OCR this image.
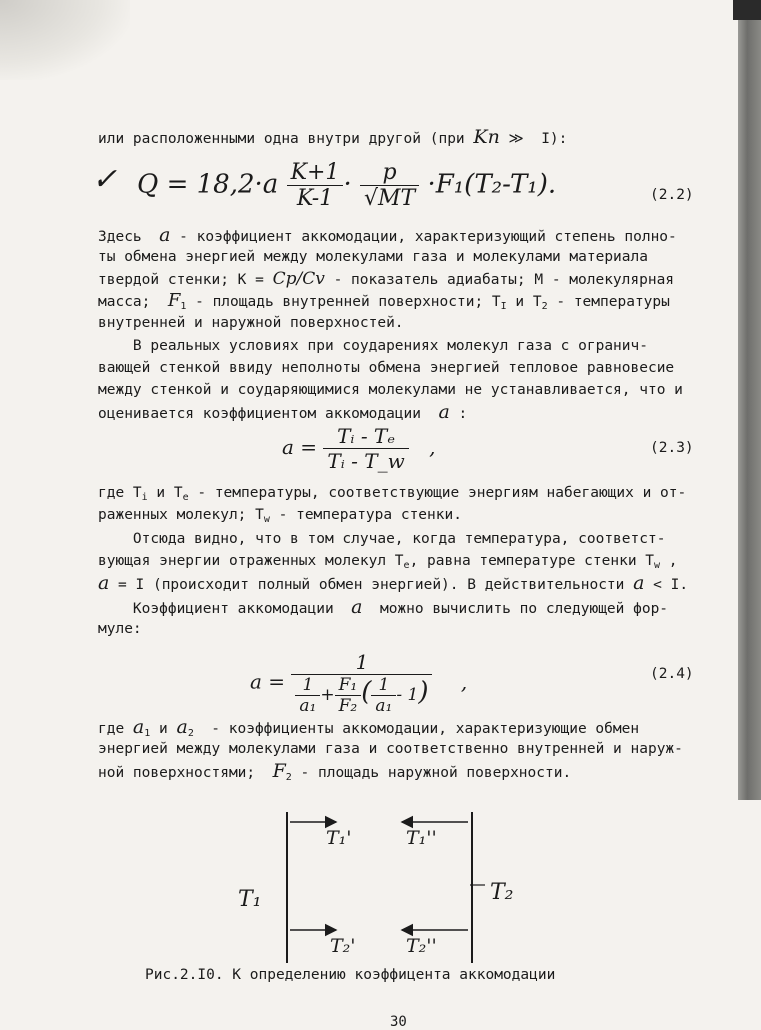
или расположенными одна внутри другой (при Kn ≫  I):
✓ $Q = 18,2\cdot a \frac{K+1}{K-1} \cdot \frac{p}{√MT} \cdot F_1(T_2-T_1)$.	(2.2)
Здесь  a - коэффициент аккомодации, характеризующий степень полно-
ты обмена энергией между молекулами газа и молекулами материала
твердой стенки; К = Cp/Cv - показатель адиабаты; М - молекулярная
масса;  $F_1$ - площадь внутренней поверхности; $Т_I$ и $Т_2$ - температуры
внутренней и наружной поверхностей.
В реальных условиях при соударениях молекул газа с огранич-
вающей стенкой ввиду неполноты обмена энергией тепловое равновесие
между стенкой и соударяющимися молекулами не устанавливается, что и
оценивается коэффициентом аккомодации  a :
$a = \frac{\text{Tᵢ - Tₑ}}{\text{Tᵢ - T\_w}}$ ,	(2.3)
где $Т_i$ и $Т_e$ - температуры, соответствующие энергиям набегающих и от-
раженных молекул; $Т_w$ - температура стенки.
Отсюда видно, что в том случае, когда температура, соответст-
вующая энергии отраженных молекул $Т_e$, равна температуре стенки $Т_w$ ,
a = I (происходит полный обмен энергией). В действительности a < I.
Коэффициент аккомодации  a  можно вычислить по следующей фор-
муле:
$a = \frac{1}{\frac{1}{\text{a₁}} + \frac{\text{F₁}}{\text{F₂}} ( \frac{1}{\text{a₁}} - 1)}$ ,	(2.4)
где $a_1$ и $a_2$  - коэффициенты аккомодации, характеризующие обмен
энергией между молекулами газа и соответственно внутренней и наруж-
ной поверхностями;  $F_2$ - площадь наружной поверхности.
T₁'	T₁''
T₁	T₂
T₂'	T₂''
Рис.2.I0. К определению коэффицента аккомодации
30
